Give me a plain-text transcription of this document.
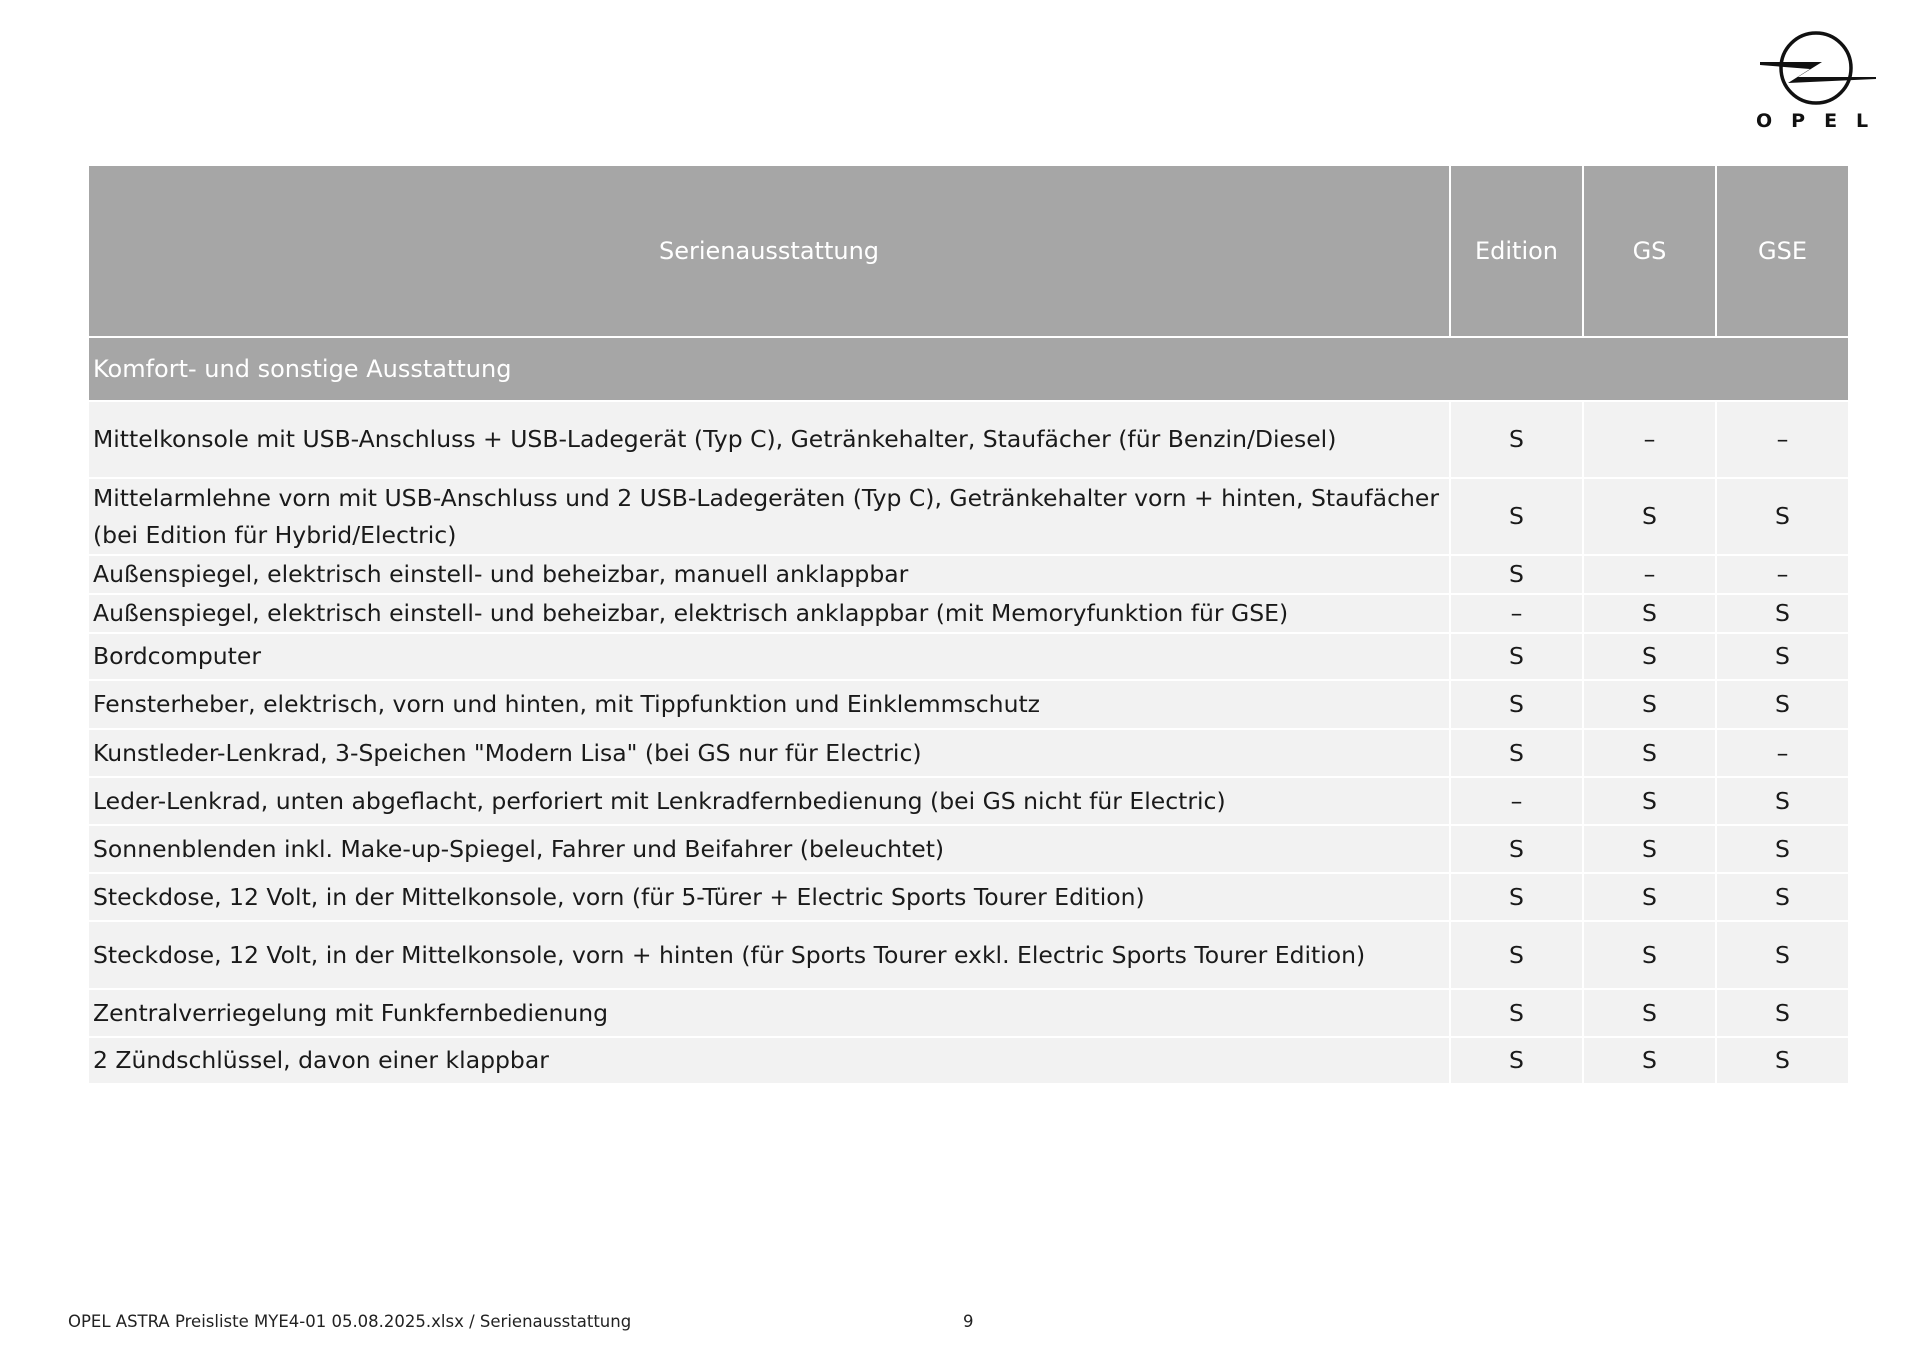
OPEL
Serienausstattung	Edition	GS	GSE
Komfort- und sonstige Ausstattung			
Mittelkonsole mit USB-Anschluss + USB-Ladegerät (Typ C), Getränkehalter, Staufächer (für Benzin/Diesel)	S	–	–
Mittelarmlehne vorn mit USB-Anschluss und 2 USB-Ladegeräten (Typ C), Getränkehalter vorn + hinten, Staufächer (bei Edition für Hybrid/Electric)	S	S	S
Außenspiegel, elektrisch einstell- und beheizbar, manuell anklappbar	S	–	–
Außenspiegel, elektrisch einstell- und beheizbar, elektrisch anklappbar (mit Memoryfunktion für GSE)	–	S	S
Bordcomputer	S	S	S
Fensterheber, elektrisch, vorn und hinten, mit Tippfunktion und Einklemmschutz	S	S	S
Kunstleder-Lenkrad, 3-Speichen "Modern Lisa" (bei GS nur für Electric)	S	S	–
Leder-Lenkrad, unten abgeflacht, perforiert mit Lenkradfernbedienung (bei GS nicht für Electric)	–	S	S
Sonnenblenden inkl. Make-up-Spiegel, Fahrer und Beifahrer (beleuchtet)	S	S	S
Steckdose, 12 Volt, in der Mittelkonsole, vorn (für 5-Türer + Electric Sports Tourer Edition)	S	S	S
Steckdose, 12 Volt, in der Mittelkonsole, vorn + hinten (für Sports Tourer exkl. Electric Sports Tourer Edition)	S	S	S
Zentralverriegelung mit Funkfernbedienung	S	S	S
2 Zündschlüssel, davon einer klappbar	S	S	S
OPEL ASTRA Preisliste MYE4-01 05.08.2025.xlsx / Serienausstattung	9
